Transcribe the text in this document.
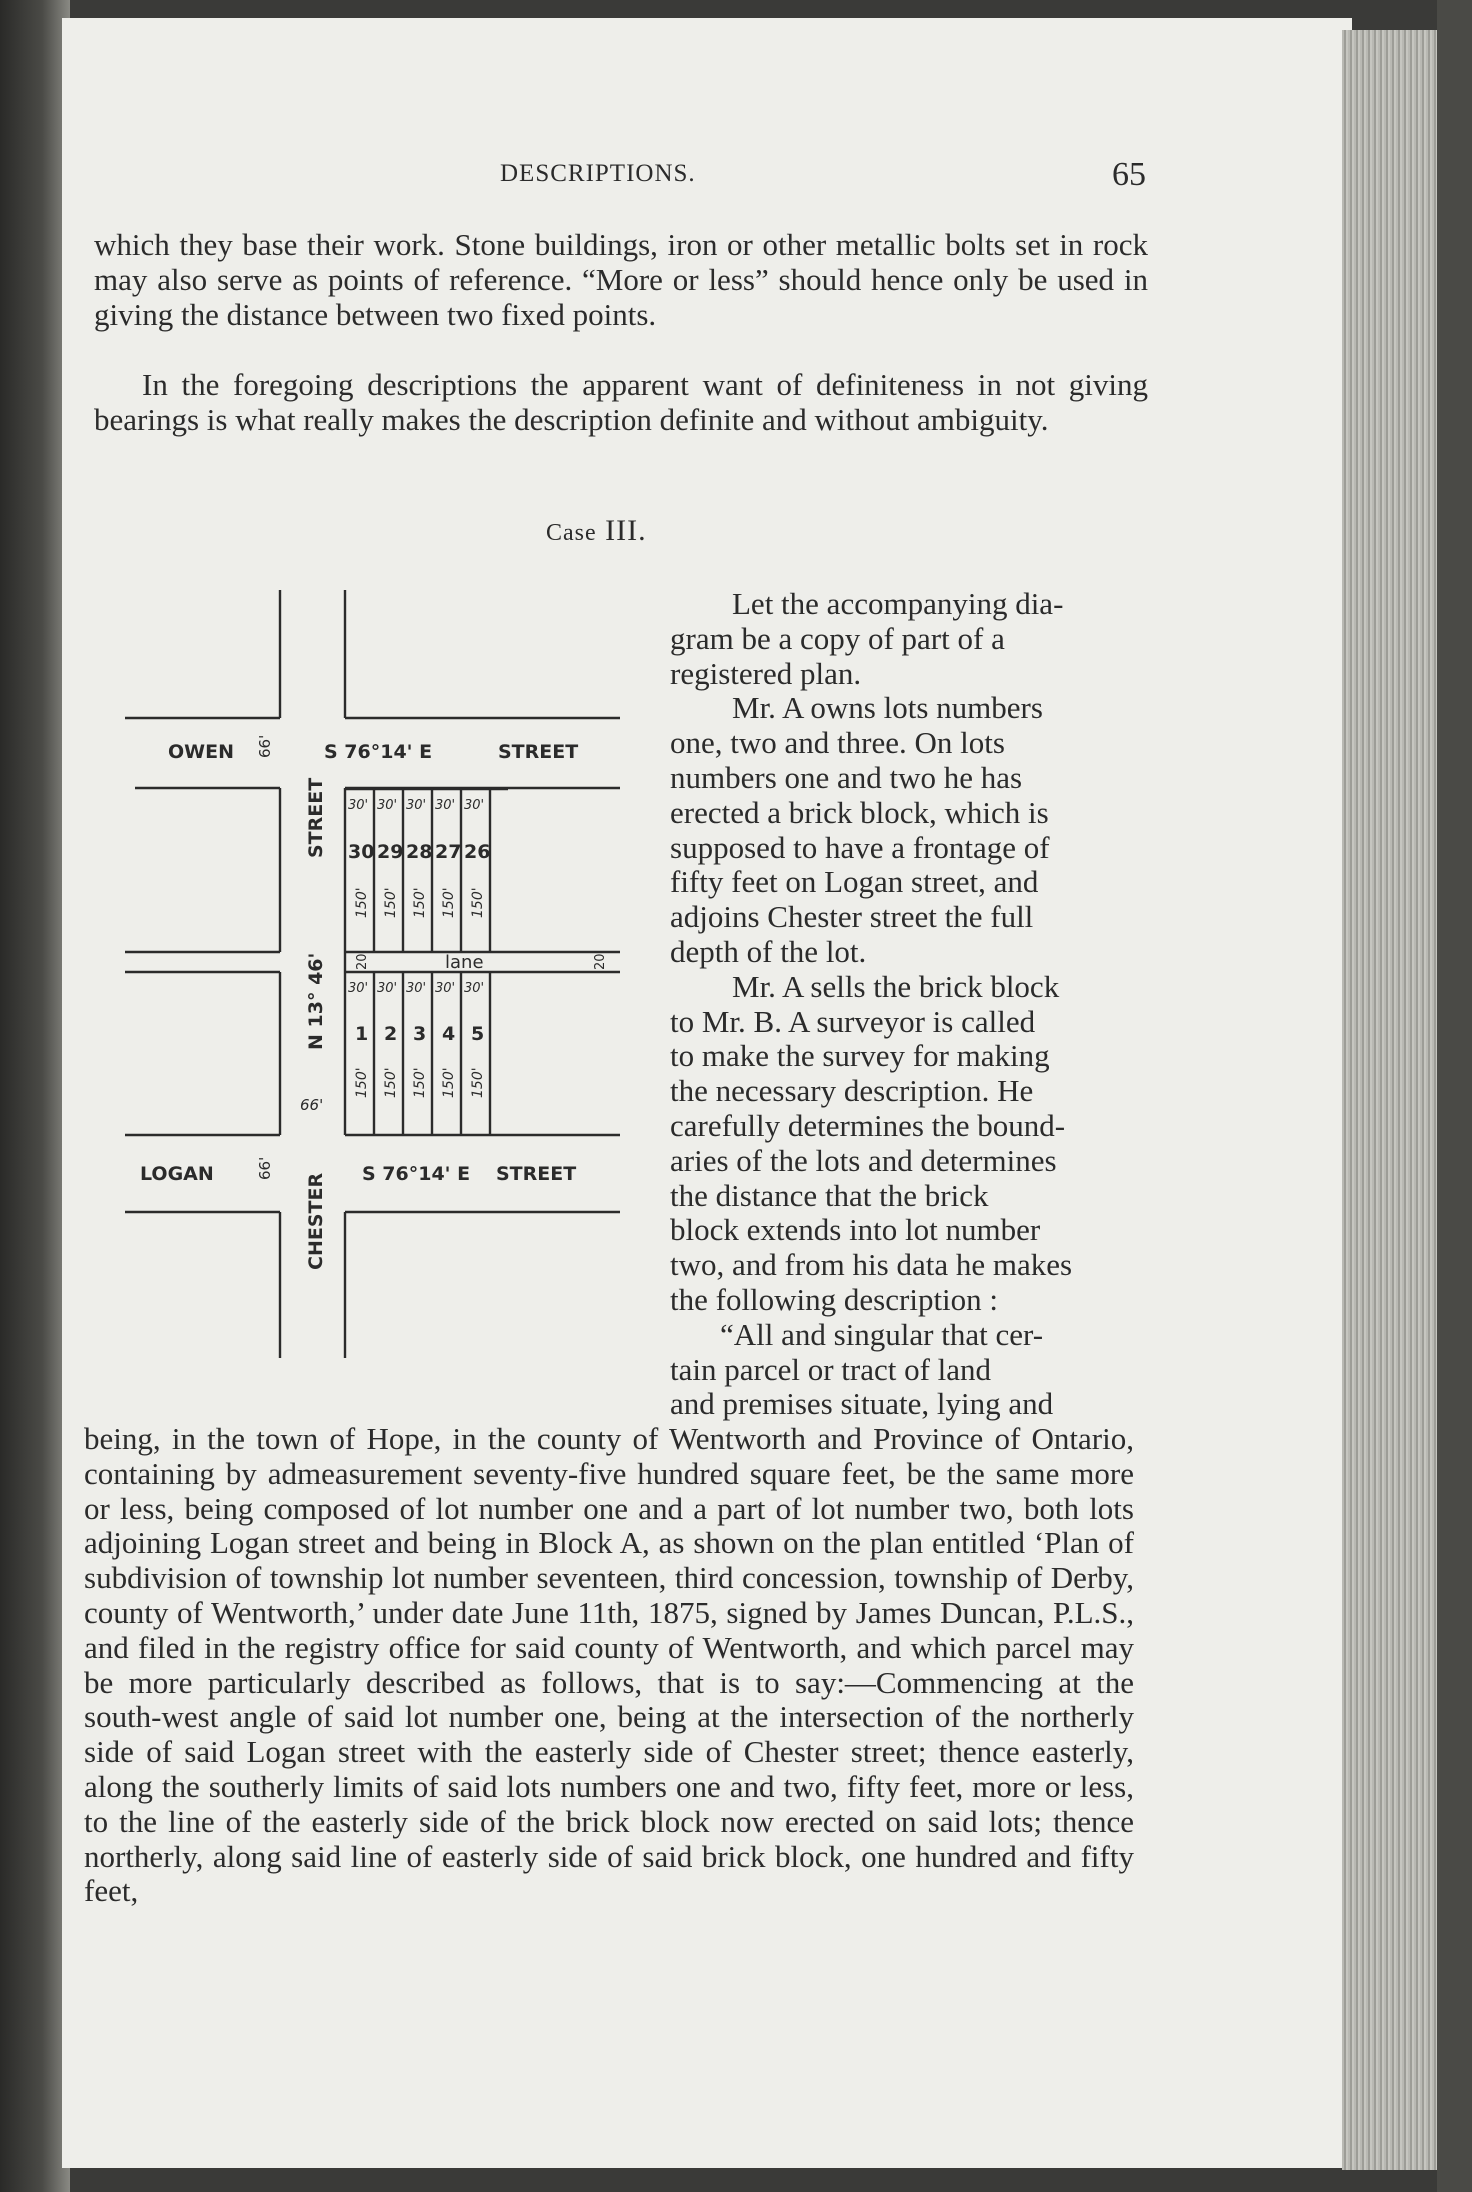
DESCRIPTIONS.	65

which they base their work. Stone buildings, iron or other metallic bolts set in rock may also serve as points of reference. “More or less” should hence only be used in giving the distance between two fixed points.

In the foregoing descriptions the apparent want of definiteness in not giving bearings is what really makes the description definite and without ambiguity.

Case III.
OWEN 66'	S 76°14' E	STREET
CHESTER
STREET
N 13° 46'
66'
lane
20'	20'
LOGAN	66'	S 76°14' E STREET
30' 30' 30' 30' 30'
30 29 28 27 26
150' 150' 150' 150' 150'
30' 30' 30' 30' 30'
1 2 3 4 5
150' 150' 150' 150' 150'
Let the accompanying dia-
gram be a copy of part of a
registered plan.
Mr. A owns lots numbers
one, two and three. On lots
numbers one and two he has
erected a brick block, which is
supposed to have a frontage of
fifty feet on Logan street, and
adjoins Chester street the full
depth of the lot.
Mr. A sells the brick block
to Mr. B. A surveyor is called
to make the survey for making
the necessary description. He
carefully determines the bound-
aries of the lots and determines
the distance that the brick
block extends into lot number
two, and from his data he makes
the following description :
“All and singular that cer-
tain parcel or tract of land
and premises situate, lying and

being, in the town of Hope, in the county of Wentworth and Province of Ontario, containing by admeasurement seventy-five hundred square feet, be the same more or less, being composed of lot number one and a part of lot number two, both lots adjoining Logan street and being in Block A, as shown on the plan entitled ‘Plan of subdivision of township lot number seventeen, third concession, township of Derby, county of Wentworth,’ under date June 11th, 1875, signed by James Duncan, P.L.S., and filed in the registry office for said county of Wentworth, and which parcel may be more particularly described as follows, that is to say:—Commencing at the south-west angle of said lot number one, being at the intersection of the northerly side of said Logan street with the easterly side of Chester street; thence easterly, along the southerly limits of said lots numbers one and two, fifty feet, more or less, to the line of the easterly side of the brick block now erected on said lots; thence northerly, along said line of easterly side of said brick block, one hundred and fifty feet,
